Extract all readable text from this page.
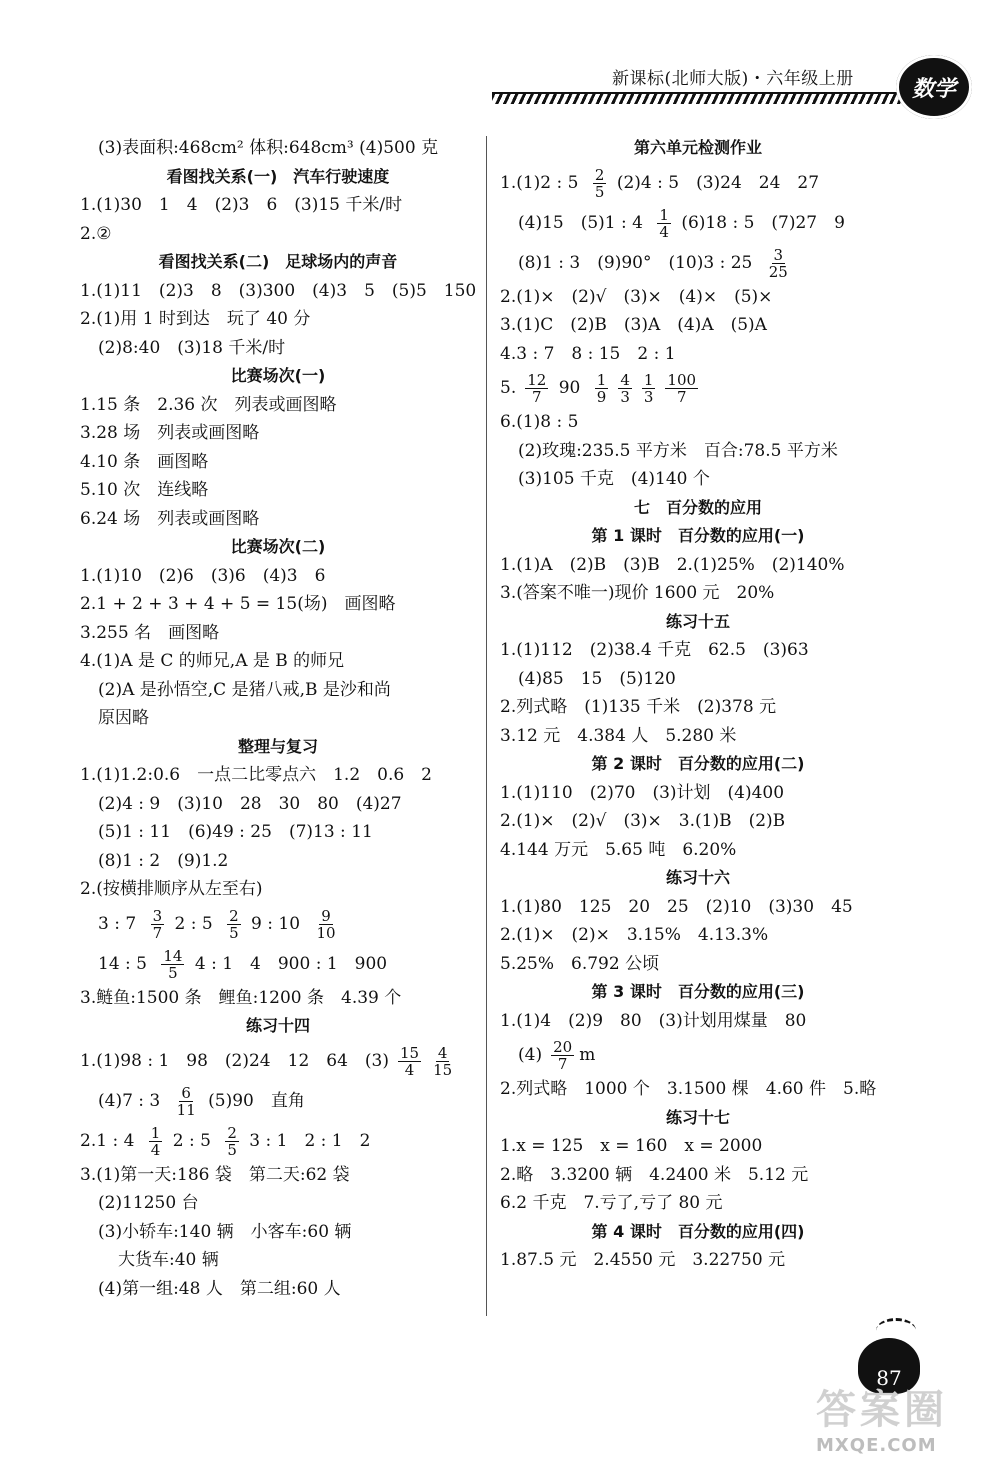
新课标(北师大版)・六年级上册	数学
(3)表面积:468cm² 体积:648cm³ (4)500 克
看图找关系(一)　汽车行驶速度
1.(1)30　1　4　(2)3　6　(3)15 千米/时
2.②
看图找关系(二)　足球场内的声音
1.(1)11　(2)3　8　(3)300　(4)3　5　(5)5　150
2.(1)用 1 时到达　玩了 40 分
(2)8:40　(3)18 千米/时
比赛场次(一)
1.15 条　2.36 次　列表或画图略
3.28 场　列表或画图略
4.10 条　画图略
5.10 次　连线略
6.24 场　列表或画图略
比赛场次(二)
1.(1)10　(2)6　(3)6　(4)3　6
2.1 + 2 + 3 + 4 + 5 = 15(场)　画图略
3.255 名　画图略
4.(1)A 是 C 的师兄,A 是 B 的师兄
(2)A 是孙悟空,C 是猪八戒,B 是沙和尚
原因略
整理与复习
1.(1)1.2:0.6　一点二比零点六　1.2　0.6　2
(2)4 : 9　(3)10　28　30　80　(4)27
(5)1 : 11　(6)49 : 25　(7)13 : 11
(8)1 : 2　(9)1.2
2.(按横排顺序从左至右)
3 : $7 \frac{3}{7} 2$ : $5 \frac{2}{5} 9$ : $10 \frac{9}{10}$
14 : $5 \frac{14}{5} 4$ : 1　4　900 : 1　900
3.鲢鱼:1500 条　鲤鱼:1200 条　4.39 个
练习十四
1.(1)98 : 1　98　(2)24　12　64　$(3) \frac{15}{4} \frac{4}{15}$
(4)7 : $3 \frac{6}{11} (5)90$　直角
2.1 : $4 \frac{1}{4} 2$ : $5 \frac{2}{5} 3$ : 1　2 : 1　2
3.(1)第一天:186 袋　第二天:62 袋
(2)11250 台
(3)小轿车:140 辆　小客车:60 辆
大货车:40 辆
(4)第一组:48 人　第二组:60 人
第六单元检测作业
1.(1)2 : $5 \frac{2}{5} (2)4$ : 5　(3)24　24　27
(4)15　(5)1 : $4 \frac{1}{4} (6)18$ : 5　(7)27　9
(8)1 : 3　(9)90°　(10)3 : $25 \frac{3}{25}$
2.(1)×　(2)√　(3)×　(4)×　(5)×
3.(1)C　(2)B　(3)A　(4)A　(5)A
4.3 : 7　8 : 15　2 : 1
5. $\frac{12}{7} 90 \frac{1}{9} \frac{4}{3} \frac{1}{3} \frac{100}{7}$
6.(1)8 : 5
(2)玫瑰:235.5 平方米　百合:78.5 平方米
(3)105 千克　(4)140 个
七　百分数的应用
第 1 课时　百分数的应用(一)
1.(1)A　(2)B　(3)B　2.(1)25%　(2)140%
3.(答案不唯一)现价 1600 元　20%
练习十五
1.(1)112　(2)38.4 千克　62.5　(3)63
(4)85　15　(5)120
2.列式略　(1)135 千米　(2)378 元
3.12 元　4.384 人　5.280 米
第 2 课时　百分数的应用(二)
1.(1)110　(2)70　(3)计划　(4)400
2.(1)×　(2)√　(3)×　3.(1)B　(2)B
4.144 万元　5.65 吨　6.20%
练习十六
1.(1)80　125　20　25　(2)10　(3)30　45
2.(1)×　(2)×　3.15%　4.13.3%
5.25%　6.792 公顷
第 3 课时　百分数的应用(三)
1.(1)4　(2)9　80　(3)计划用煤量　80
$(4) \frac{20}{7}$ m
2.列式略　1000 个　3.1500 棵　4.60 件　5.略
练习十七
1.x = 125　x = 160　x = 2000
2.略　3.3200 辆　4.2400 米　5.12 元
6.2 千克　7.亏了,亏了 80 元
第 4 课时　百分数的应用(四)
1.87.5 元　2.4550 元　3.22750 元
87
答案圈
MXQE.COM
